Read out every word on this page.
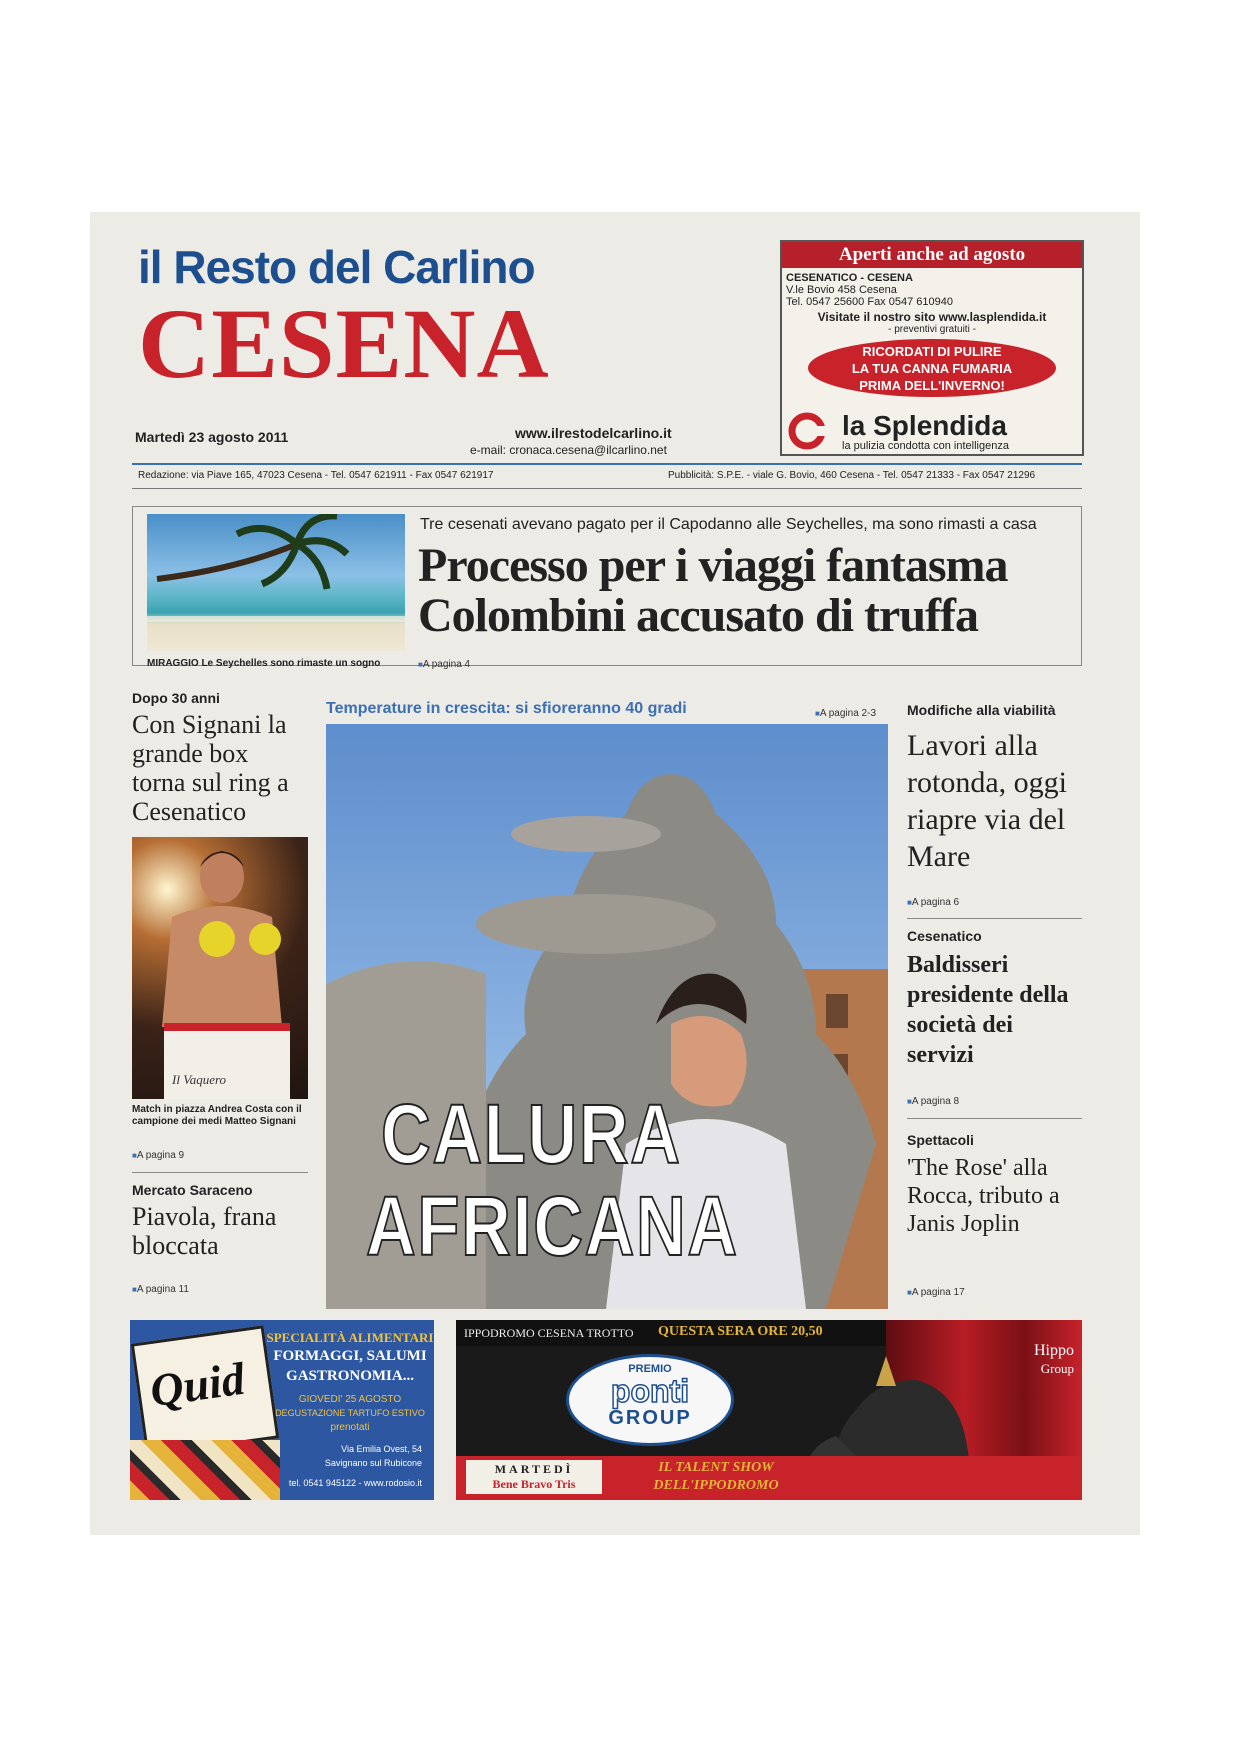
il Resto del Carlino
CESENA
Martedì 23 agosto 2011	www.ilrestodelcarlino.it
e-mail: cronaca.cesena@ilcarlino.net
Aperti anche ad agosto
CESENATICO - CESENA
V.le Bovio 458 Cesena
Tel. 0547 25600 Fax 0547 610940
Visitate il nostro sito www.lasplendida.it
- preventivi gratuiti -
RICORDATI DI PULIRE
LA TUA CANNA FUMARIA
PRIMA DELL'INVERNO!
la Splendida
la pulizia condotta con intelligenza
Redazione: via Piave 165, 47023 Cesena - Tel. 0547 621911 - Fax 0547 621917	Pubblicità: S.P.E. - viale G. Bovio, 460 Cesena - Tel. 0547 21333 - Fax 0547 21296
MIRAGGIO Le Seychelles sono rimaste un sogno	■ A pagina 4
Tre cesenati avevano pagato per il Capodanno alle Seychelles, ma sono rimasti a casa
Processo per i viaggi fantasma
Colombini accusato di truffa
Dopo 30 anni
Con Signani la grande box torna sul ring a Cesenatico
Il Vaquero
Match in piazza Andrea Costa con il campione dei medi Matteo Signani
■ A pagina 9
Mercato Saraceno
Piavola, frana bloccata
■ A pagina 11
Temperature in crescita: si sfioreranno 40 gradi	■ A pagina 2-3
CALURA
AFRICANA
Modifiche alla viabilità
Lavori alla rotonda, oggi riapre via del Mare
■ A pagina 6
Cesenatico
Baldisseri presidente della società dei servizi
■ A pagina 8
Spettacoli
'The Rose' alla Rocca, tributo a Janis Joplin
■ A pagina 17
Quid
SPECIALITÀ ALIMENTARI
FORMAGGI, SALUMI
GASTRONOMIA...
GIOVEDI' 25 AGOSTO
DEGUSTAZIONE TARTUFO ESTIVO
prenotati
Via Emilia Ovest, 54
Savignano sul Rubicone
tel. 0541 945122 - www.rodosio.it
IPPODROMO CESENA TROTTO QUESTA SERA ORE 20,50
PREMIO
ponti
GROUP
Hippo
Group
MARTEDÌ
Bene Bravo Tris
IL TALENT SHOW
DELL'IPPODROMO
